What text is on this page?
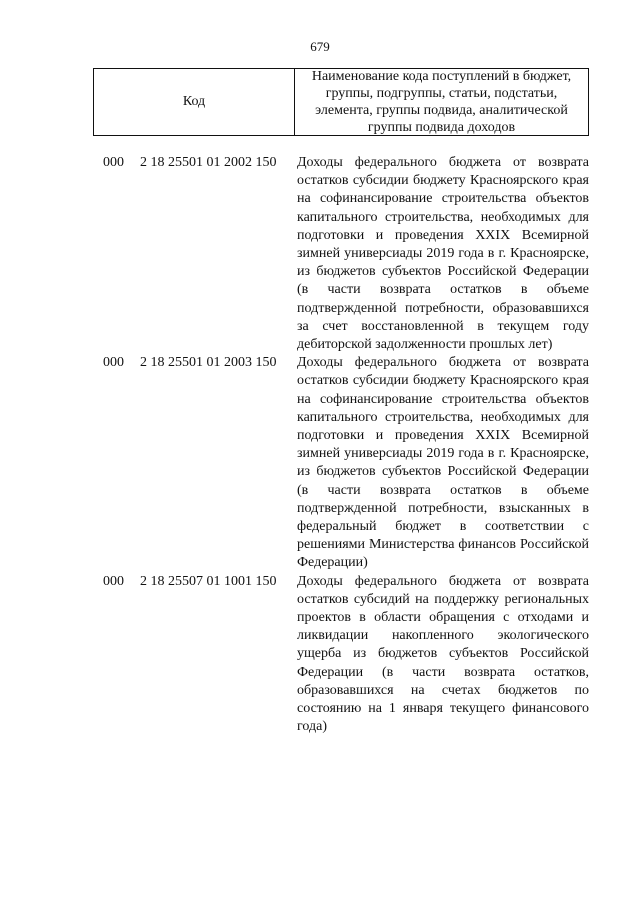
679
Код
Наименование кода поступлений в бюджет, группы, подгруппы, статьи, подстатьи, элемента, группы подвида, аналитической группы подвида доходов
000 2 18 25501 01 2002 150 Доходы федерального бюджета от возврата остатков субсидии бюджету Красноярского края на софинансирование строительства объектов капитального строительства, необходимых для подготовки и проведения XXIX Всемирной зимней универсиады 2019 года в г. Красноярске, из бюджетов субъектов Российской Федерации (в части возврата остатков в объеме подтвержденной потребности, образовавшихся за счет восстановленной в текущем году дебиторской задолженности прошлых лет)
000 2 18 25501 01 2003 150 Доходы федерального бюджета от возврата остатков субсидии бюджету Красноярского края на софинансирование строительства объектов капитального строительства, необходимых для подготовки и проведения XXIX Всемирной зимней универсиады 2019 года в г. Красноярске, из бюджетов субъектов Российской Федерации (в части возврата остатков в объеме подтвержденной потребности, взысканных в федеральный бюджет в соответствии с решениями Министерства финансов Российской Федерации)
000 2 18 25507 01 1001 150 Доходы федерального бюджета от возврата остатков субсидий на поддержку региональных проектов в области обращения с отходами и ликвидации накопленного экологического ущерба из бюджетов субъектов Российской Федерации (в части возврата остатков, образовавшихся на счетах бюджетов по состоянию на 1 января текущего финансового года)
